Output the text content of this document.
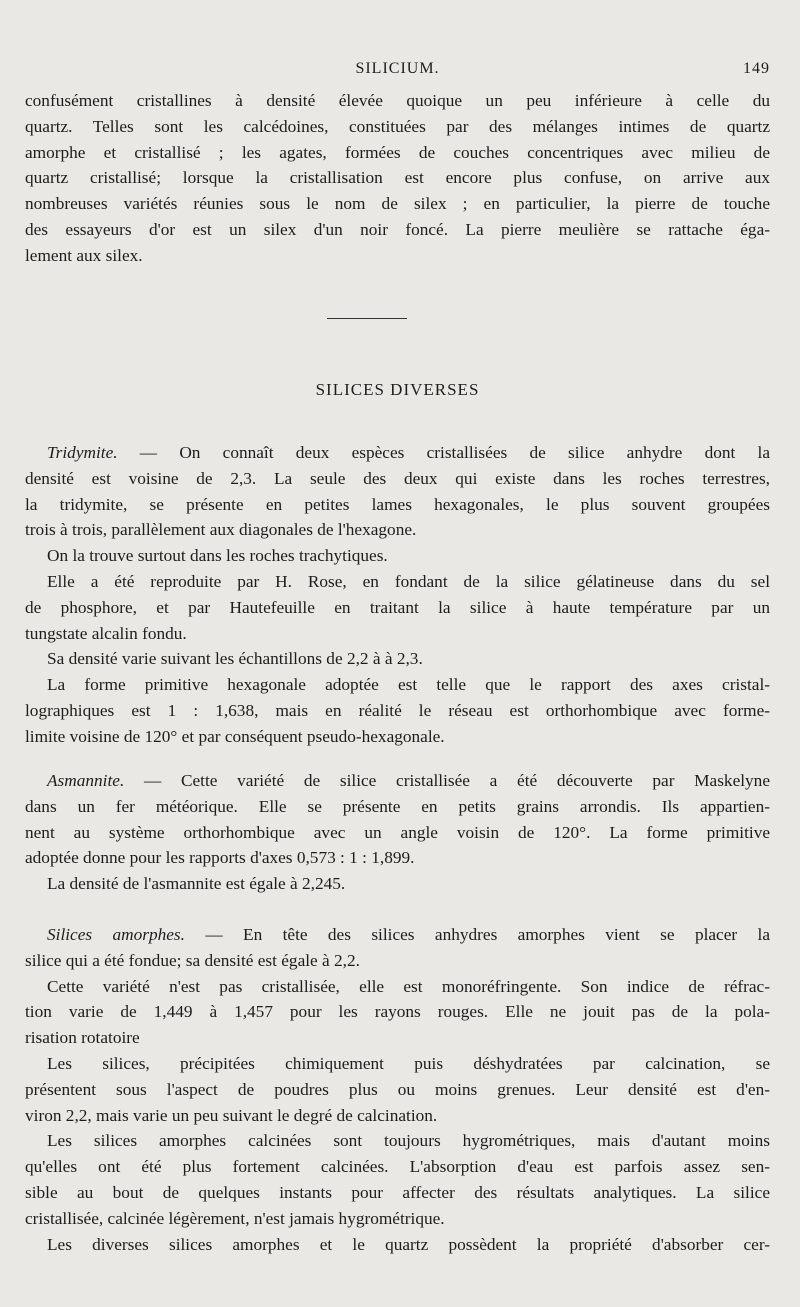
SILICIUM.	149
confusément cristallines à densité élevée quoique un peu inférieure à celle du
quartz. Telles sont les calcédoines, constituées par des mélanges intimes de quartz
amorphe et cristallisé ; les agates, formées de couches concentriques avec milieu de
quartz cristallisé; lorsque la cristallisation est encore plus confuse, on arrive aux
nombreuses variétés réunies sous le nom de silex ; en particulier, la pierre de touche
des essayeurs d'or est un silex d'un noir foncé. La pierre meulière se rattache éga-
lement aux silex.
SILICES DIVERSES
Tridymite. — On connaît deux espèces cristallisées de silice anhydre dont la
densité est voisine de 2,3. La seule des deux qui existe dans les roches terrestres,
la tridymite, se présente en petites lames hexagonales, le plus souvent groupées
trois à trois, parallèlement aux diagonales de l'hexagone.
On la trouve surtout dans les roches trachytiques.
Elle a été reproduite par H. Rose, en fondant de la silice gélatineuse dans du sel
de phosphore, et par Hautefeuille en traitant la silice à haute température par un
tungstate alcalin fondu.
Sa densité varie suivant les échantillons de 2,2 à à 2,3.
La forme primitive hexagonale adoptée est telle que le rapport des axes cristal-
lographiques est 1 : 1,638, mais en réalité le réseau est orthorhombique avec forme-
limite voisine de 120° et par conséquent pseudo-hexagonale.
Asmannite. — Cette variété de silice cristallisée a été découverte par Maskelyne
dans un fer météorique. Elle se présente en petits grains arrondis. Ils appartien-
nent au système orthorhombique avec un angle voisin de 120°. La forme primitive
adoptée donne pour les rapports d'axes 0,573 : 1 : 1,899.
La densité de l'asmannite est égale à 2,245.
Silices amorphes. — En tête des silices anhydres amorphes vient se placer la
silice qui a été fondue; sa densité est égale à 2,2.
Cette variété n'est pas cristallisée, elle est monoréfringente. Son indice de réfrac-
tion varie de 1,449 à 1,457 pour les rayons rouges. Elle ne jouit pas de la pola-
risation rotatoire
Les silices, précipitées chimiquement puis déshydratées par calcination, se
présentent sous l'aspect de poudres plus ou moins grenues. Leur densité est d'en-
viron 2,2, mais varie un peu suivant le degré de calcination.
Les silices amorphes calcinées sont toujours hygrométriques, mais d'autant moins
qu'elles ont été plus fortement calcinées. L'absorption d'eau est parfois assez sen-
sible au bout de quelques instants pour affecter des résultats analytiques. La silice
cristallisée, calcinée légèrement, n'est jamais hygrométrique.
Les diverses silices amorphes et le quartz possèdent la propriété d'absorber cer-
